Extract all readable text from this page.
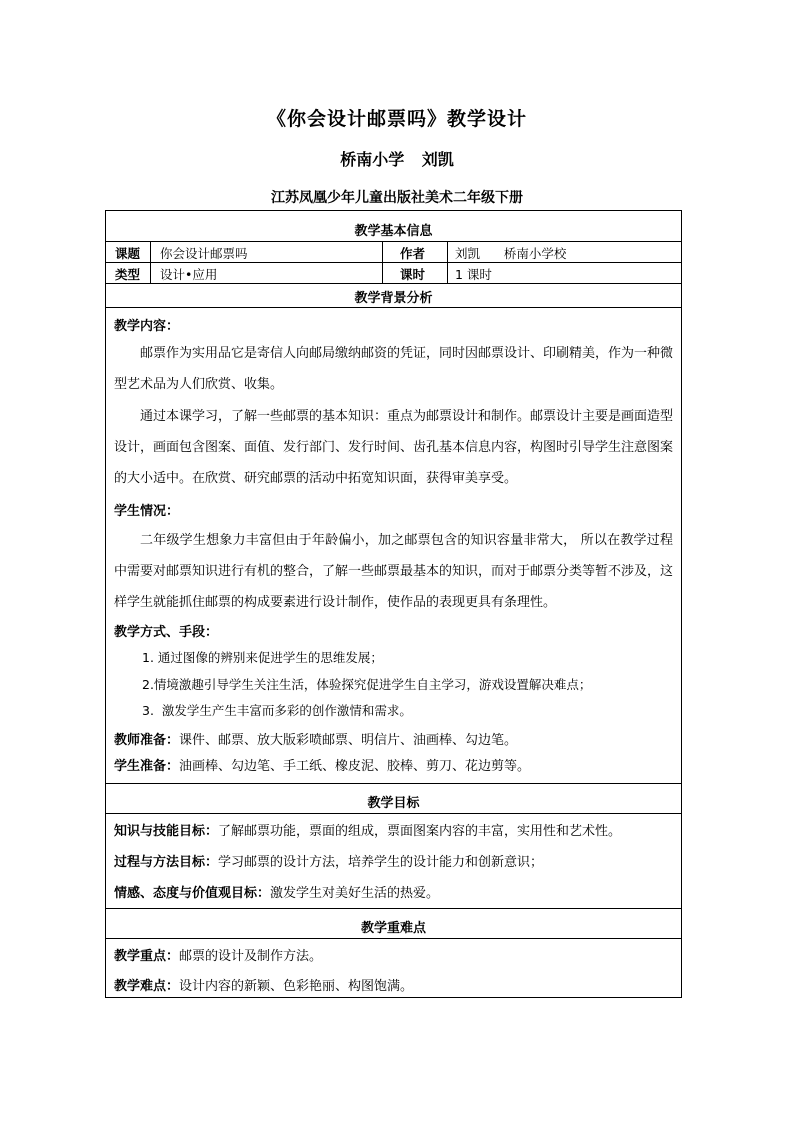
《你会设计邮票吗》教学设计
桥南小学 刘凯
江苏凤凰少年儿童出版社美术二年级下册
教学基本信息
课题 你会设计邮票吗	作者 刘凯      桥南小学校
类型 设计•应用	课时 1 课时
教学背景分析
教学内容：
邮票作为实用品它是寄信人向邮局缴纳邮资的凭证，同时因邮票设计、印刷精美，作为一种微型艺术品为人们欣赏、收集。
通过本课学习，了解一些邮票的基本知识：重点为邮票设计和制作。邮票设计主要是画面造型设计，画面包含图案、面值、发行部门、发行时间、齿孔基本信息内容，构图时引导学生注意图案的大小适中。在欣赏、研究邮票的活动中拓宽知识面，获得审美享受。
学生情况：
二年级学生想象力丰富但由于年龄偏小，加之邮票包含的知识容量非常大， 所以在教学过程中需要对邮票知识进行有机的整合，了解一些邮票最基本的知识，而对于邮票分类等暂不涉及，这样学生就能抓住邮票的构成要素进行设计制作，使作品的表现更具有条理性。
教学方式、手段：
1. 通过图像的辨别来促进学生的思维发展；
2.情境激趣引导学生关注生活，体验探究促进学生自主学习，游戏设置解决难点；
3.  激发学生产生丰富而多彩的创作激情和需求。
教师准备：课件、邮票、放大版彩喷邮票、明信片、油画棒、勾边笔。
学生准备：油画棒、勾边笔、手工纸、橡皮泥、胶棒、剪刀、花边剪等。
教学目标
知识与技能目标：了解邮票功能，票面的组成，票面图案内容的丰富，实用性和艺术性。
过程与方法目标：学习邮票的设计方法，培养学生的设计能力和创新意识；
情感、态度与价值观目标：激发学生对美好生活的热爱。
教学重难点
教学重点：邮票的设计及制作方法。
教学难点：设计内容的新颖、色彩艳丽、构图饱满。
